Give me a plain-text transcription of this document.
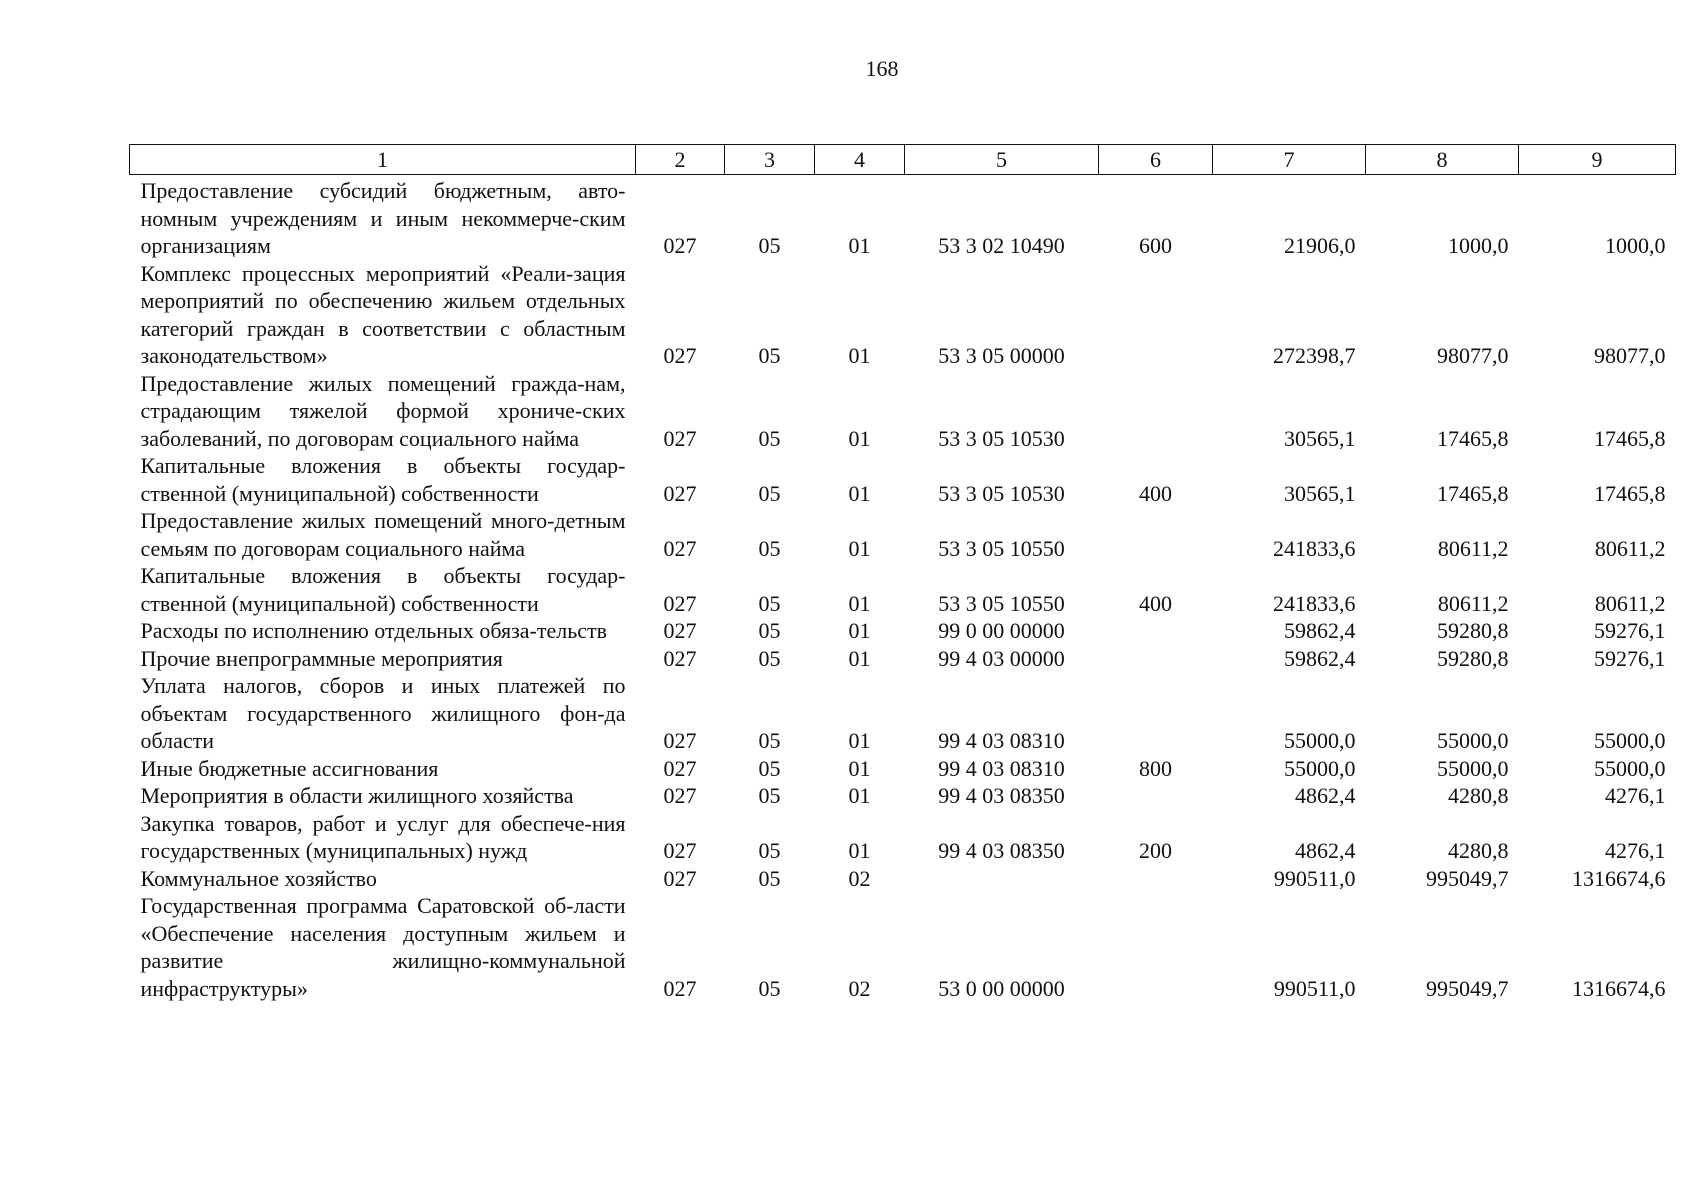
168
1	2	3	4	5	6	7	8	9
Предоставление субсидий бюджетным, авто-номным учреждениям и иным некоммерче-ским организациям	027	05	01	53 3 02 10490	600	21906,0	1000,0	1000,0
Комплекс процессных мероприятий «Реали-зация мероприятий по обеспечению жильем отдельных категорий граждан в соответствии с областным законодательством»	027	05	01	53 3 05 00000		272398,7	98077,0	98077,0
Предоставление жилых помещений гражда-нам, страдающим тяжелой формой хрониче-ских заболеваний, по договорам социального найма	027	05	01	53 3 05 10530		30565,1	17465,8	17465,8
Капитальные вложения в объекты государ-ственной (муниципальной) собственности	027	05	01	53 3 05 10530	400	30565,1	17465,8	17465,8
Предоставление жилых помещений много-детным семьям по договорам социального найма	027	05	01	53 3 05 10550		241833,6	80611,2	80611,2
Капитальные вложения в объекты государ-ственной (муниципальной) собственности	027	05	01	53 3 05 10550	400	241833,6	80611,2	80611,2
Расходы по исполнению отдельных обяза-тельств	027	05	01	99 0 00 00000		59862,4	59280,8	59276,1
Прочие внепрограммные мероприятия	027	05	01	99 4 03 00000		59862,4	59280,8	59276,1
Уплата налогов, сборов и иных платежей по объектам государственного жилищного фон-да области	027	05	01	99 4 03 08310		55000,0	55000,0	55000,0
Иные бюджетные ассигнования	027	05	01	99 4 03 08310	800	55000,0	55000,0	55000,0
Мероприятия в области жилищного хозяйства	027	05	01	99 4 03 08350		4862,4	4280,8	4276,1
Закупка товаров, работ и услуг для обеспече-ния государственных (муниципальных) нужд	027	05	01	99 4 03 08350	200	4862,4	4280,8	4276,1
Коммунальное хозяйство	027	05	02			990511,0	995049,7	1316674,6
Государственная программа Саратовской об-ласти «Обеспечение населения доступным жильем и развитие жилищно-коммунальной инфраструктуры»	027	05	02	53 0 00 00000		990511,0	995049,7	1316674,6
